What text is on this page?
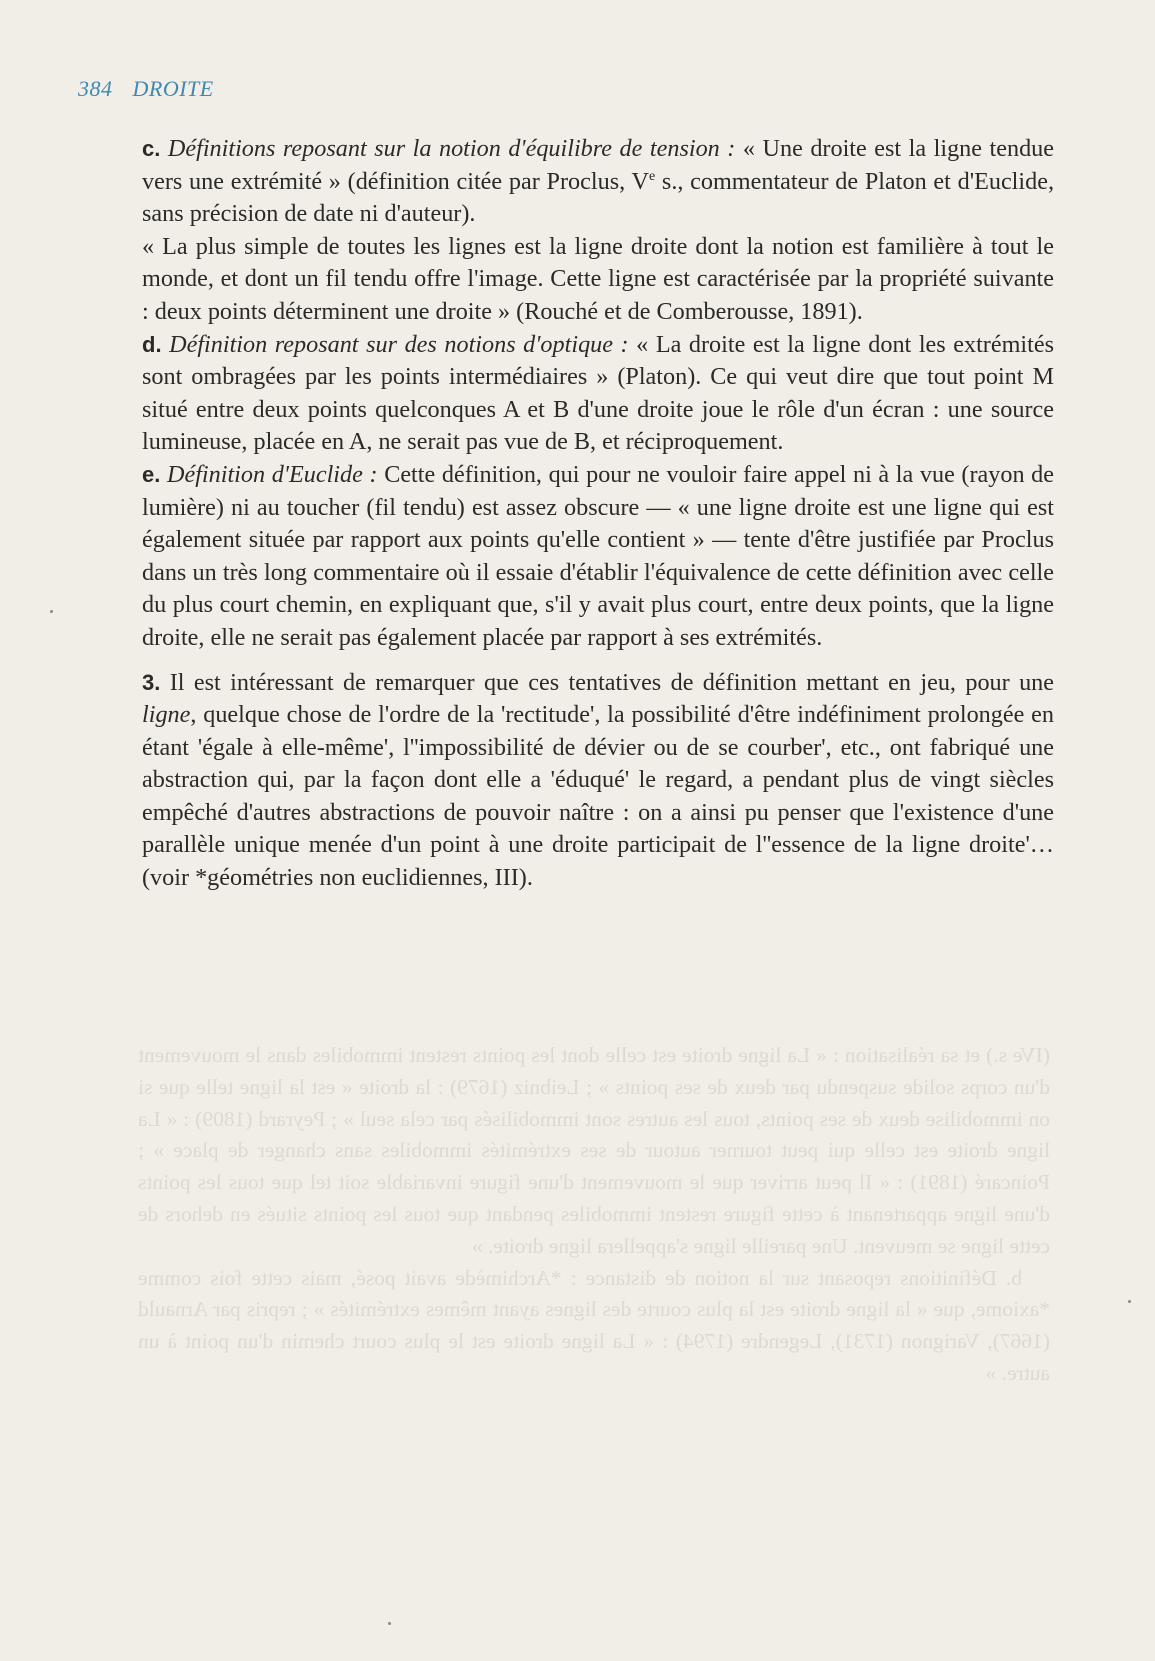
384 DROITE

(IVe s.) et sa réalisation : « La ligne droite est celle dont les points restent immobiles dans le mouvement d'un corps solide suspendu par deux de ses points » ; Leibniz (1679) : la droite « est la ligne telle que si on immobilise deux de ses points, tous les autres sont immobilisés par cela seul » ; Peyrard (1809) : « La ligne droite est celle qui peut tourner autour de ses extrémités immobiles sans changer de place » ; Poincaré (1891) : « Il peut arriver que le mouvement d'une figure invariable soit tel que tous les points d'une ligne appartenant à cette figure restent immobiles pendant que tous les points situés en dehors de cette ligne se meuvent. Une pareille ligne s'appellera ligne droite. »

b. Définitions reposant sur la notion de distance : *Archimède avait posé, mais cette fois comme *axiome, que « la ligne droite est la plus courte des lignes ayant mêmes extrémités » ; repris par Arnauld (1667), Varignon (1731), Legendre (1794) : « La ligne droite est le plus court chemin d'un point à un autre. »

c. Définitions reposant sur la notion d'équilibre de tension : « Une droite est la ligne tendue vers une extrémité » (définition citée par Proclus, Ve s., commentateur de Platon et d'Euclide, sans précision de date ni d'auteur).

« La plus simple de toutes les lignes est la ligne droite dont la notion est familière à tout le monde, et dont un fil tendu offre l'image. Cette ligne est caractérisée par la propriété suivante : deux points déterminent une droite » (Rouché et de Comberousse, 1891).

d. Définition reposant sur des notions d'optique : « La droite est la ligne dont les extrémités sont ombragées par les points intermédiaires » (Platon). Ce qui veut dire que tout point M situé entre deux points quelconques A et B d'une droite joue le rôle d'un écran : une source lumineuse, placée en A, ne serait pas vue de B, et réciproquement.

e. Définition d'Euclide : Cette définition, qui pour ne vouloir faire appel ni à la vue (rayon de lumière) ni au toucher (fil tendu) est assez obscure — « une ligne droite est une ligne qui est également située par rapport aux points qu'elle contient » — tente d'être justifiée par Proclus dans un très long commentaire où il essaie d'établir l'équivalence de cette définition avec celle du plus court chemin, en expliquant que, s'il y avait plus court, entre deux points, que la ligne droite, elle ne serait pas également placée par rapport à ses extrémités.

3. Il est intéressant de remarquer que ces tentatives de définition mettant en jeu, pour une ligne, quelque chose de l'ordre de la 'rectitude', la possibilité d'être indéfiniment prolongée en étant 'égale à elle-même', l''impossibilité de dévier ou de se courber', etc., ont fabriqué une abstraction qui, par la façon dont elle a 'éduqué' le regard, a pendant plus de vingt siècles empêché d'autres abstractions de pouvoir naître : on a ainsi pu penser que l'existence d'une parallèle unique menée d'un point à une droite participait de l''essence de la ligne droite'… (voir *géométries non euclidiennes, III).
